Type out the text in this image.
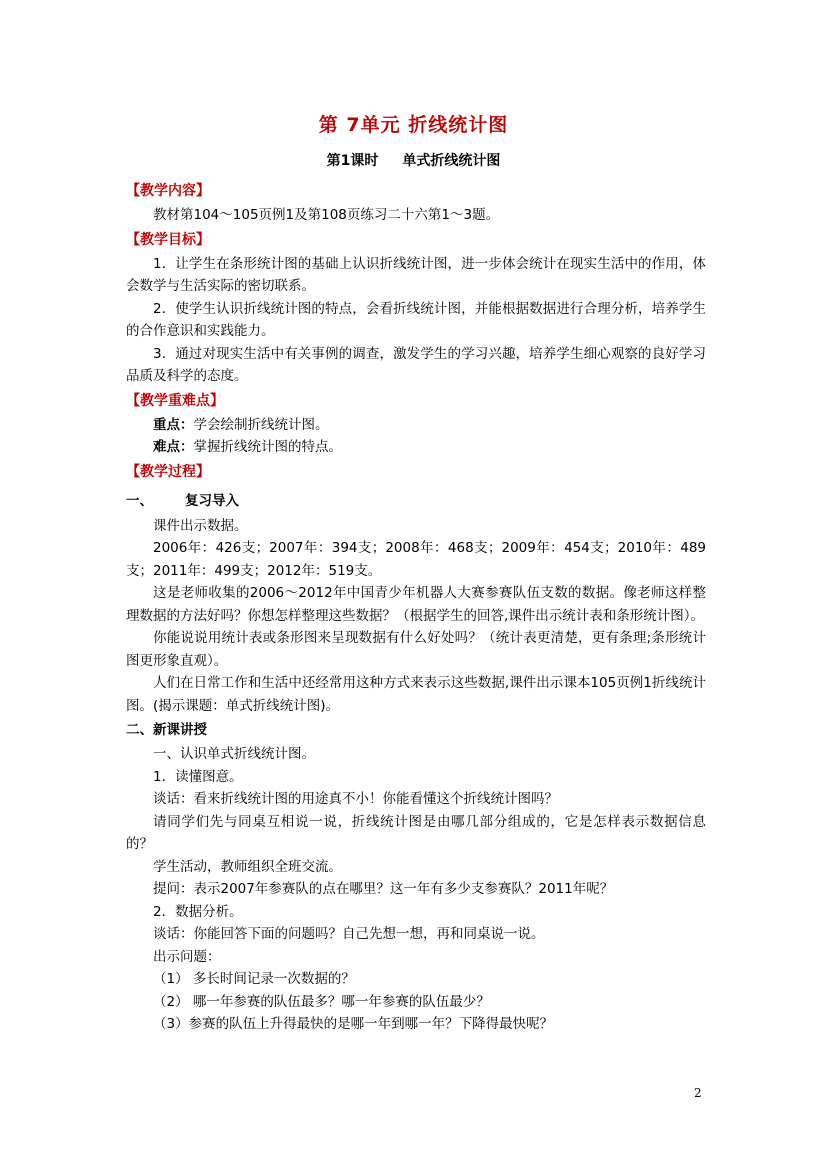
第 7单元 折线统计图
第1课时 单式折线统计图
【教学内容】

教材第104～105页例1及第108页练习二十六第1～3题。

【教学目标】

1．让学生在条形统计图的基础上认识折线统计图，进一步体会统计在现实生活中的作用，体会数学与生活实际的密切联系。

2．使学生认识折线统计图的特点，会看折线统计图，并能根据数据进行合理分析，培养学生的合作意识和实践能力。

3．通过对现实生活中有关事例的调查，激发学生的学习兴趣，培养学生细心观察的良好学习品质及科学的态度。

【教学重难点】

重点：学会绘制折线统计图。

难点：掌握折线统计图的特点。

【教学过程】
一、 复习导入

课件出示数据。

2006年：426支；2007年：394支；2008年：468支；2009年：454支；2010年：489支；2011年：499支；2012年：519支。

这是老师收集的2006～2012年中国青少年机器人大赛参赛队伍支数的数据。像老师这样整理数据的方法好吗？你想怎样整理这些数据？（根据学生的回答,课件出示统计表和条形统计图）。

你能说说用统计表或条形图来呈现数据有什么好处吗？（统计表更清楚，更有条理;条形统计图更形象直观）。

人们在日常工作和生活中还经常用这种方式来表示这些数据,课件出示课本105页例1折线统计图。(揭示课题：单式折线统计图)。

二、新课讲授

一、认识单式折线统计图。

1．读懂图意。

谈话：看来折线统计图的用途真不小！你能看懂这个折线统计图吗？

请同学们先与同桌互相说一说，折线统计图是由哪几部分组成的，它是怎样表示数据信息的？

学生活动，教师组织全班交流。

提问：表示2007年参赛队的点在哪里？这一年有多少支参赛队？2011年呢？

2．数据分析。

谈话：你能回答下面的问题吗？自己先想一想，再和同桌说一说。

出示问题：

（1） 多长时间记录一次数据的？

（2） 哪一年参赛的队伍最多？哪一年参赛的队伍最少？

（3）参赛的队伍上升得最快的是哪一年到哪一年？下降得最快呢？

2
